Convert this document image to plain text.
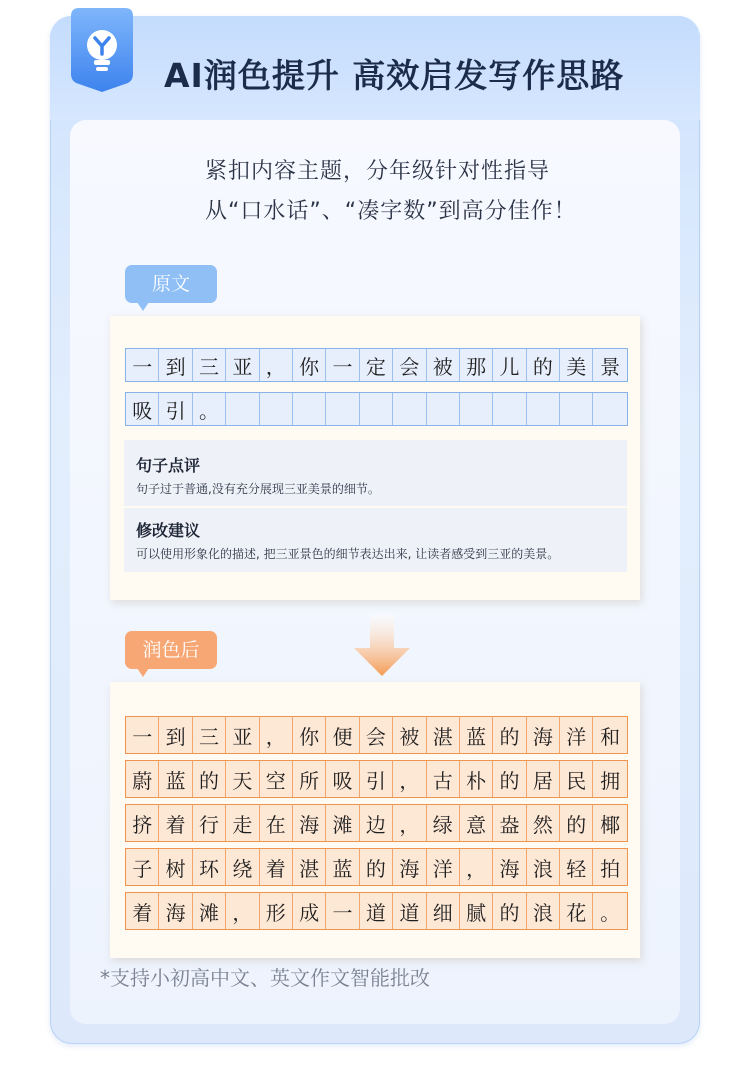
AI润色提升 高效启发写作思路

紧扣内容主题，分年级针对性指导

从“口水话”、“凑字数”到高分佳作！

原文
一 到 三 亚 ， 你 一 定 会 被 那 儿 的 美 景
吸 引 。

句子点评

句子过于普通,没有充分展现三亚美景的细节。

修改建议

可以使用形象化的描述, 把三亚景色的细节表达出来, 让读者感受到三亚的美景。

润色后
一 到 三 亚 ， 你 便 会 被 湛 蓝 的 海 洋 和
蔚 蓝 的 天 空 所 吸 引 ， 古 朴 的 居 民 拥
挤 着 行 走 在 海 滩 边 ， 绿 意 盎 然 的 椰
子 树 环 绕 着 湛 蓝 的 海 洋 ， 海 浪 轻 拍
着 海 滩 ， 形 成 一 道 道 细 腻 的 浪 花 。

*支持小初高中文、英文作文智能批改
